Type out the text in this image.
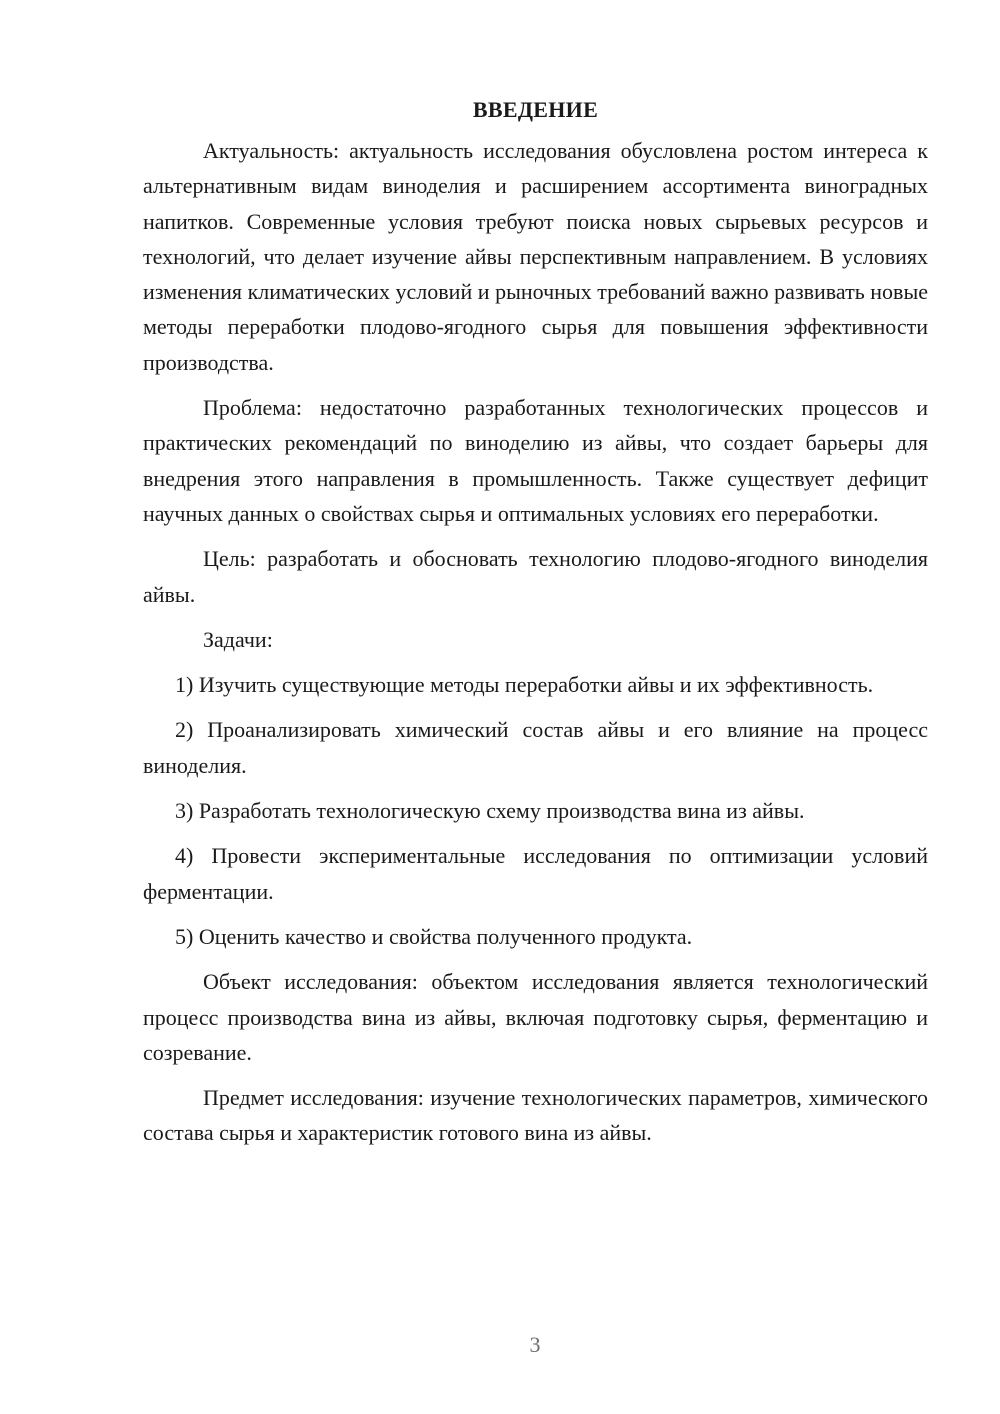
ВВЕДЕНИЕ

Актуальность: актуальность исследования обусловлена ростом интереса к альтернативным видам виноделия и расширением ассортимента виноградных напитков. Современные условия требуют поиска новых сырьевых ресурсов и технологий, что делает изучение айвы перспективным направлением. В условиях изменения климатических условий и рыночных требований важно развивать новые методы переработки плодово-ягодного сырья для повышения эффективности производства.

Проблема: недостаточно разработанных технологических процессов и практических рекомендаций по виноделию из айвы, что создает барьеры для внедрения этого направления в промышленность. Также существует дефицит научных данных о свойствах сырья и оптимальных условиях его переработки.

Цель: разработать и обосновать технологию плодово-ягодного виноделия айвы.

Задачи:

1) Изучить существующие методы переработки айвы и их эффективность.

2) Проанализировать химический состав айвы и его влияние на процесс виноделия.

3) Разработать технологическую схему производства вина из айвы.

4) Провести экспериментальные исследования по оптимизации условий ферментации.

5) Оценить качество и свойства полученного продукта.

Объект исследования: объектом исследования является технологический процесс производства вина из айвы, включая подготовку сырья, ферментацию и созревание.

Предмет исследования: изучение технологических параметров, химического состава сырья и характеристик готового вина из айвы.

3
